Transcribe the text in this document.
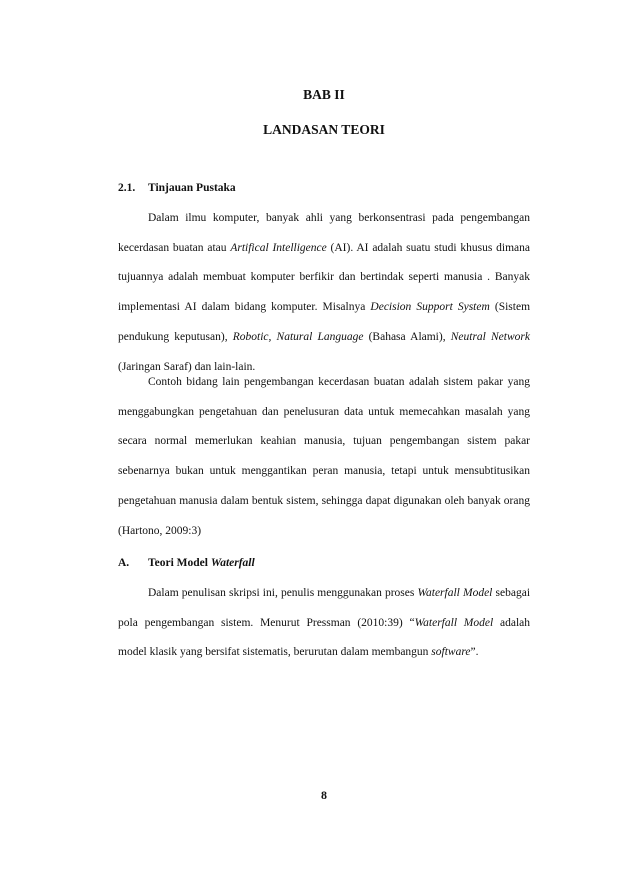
BAB II
LANDASAN TEORI
2.1. Tinjauan Pustaka

Dalam ilmu komputer, banyak ahli yang berkonsentrasi pada pengembangan kecerdasan buatan atau Artifical Intelligence (AI). AI adalah suatu studi khusus dimana tujuannya adalah membuat komputer berfikir dan bertindak seperti manusia . Banyak implementasi AI dalam bidang komputer. Misalnya Decision Support System (Sistem pendukung keputusan), Robotic, Natural Language (Bahasa Alami), Neutral Network (Jaringan Saraf) dan lain-lain.

Contoh bidang lain pengembangan kecerdasan buatan adalah sistem pakar yang menggabungkan pengetahuan dan penelusuran data untuk memecahkan masalah yang secara normal memerlukan keahian manusia, tujuan pengembangan sistem pakar sebenarnya bukan untuk menggantikan peran manusia, tetapi untuk mensubtitusikan pengetahuan manusia dalam bentuk sistem, sehingga dapat digunakan oleh banyak orang (Hartono, 2009:3)

A. Teori Model Waterfall

Dalam penulisan skripsi ini, penulis menggunakan proses Waterfall Model sebagai pola pengembangan sistem. Menurut Pressman (2010:39) “Waterfall Model adalah model klasik yang bersifat sistematis, berurutan dalam membangun software”.

8
